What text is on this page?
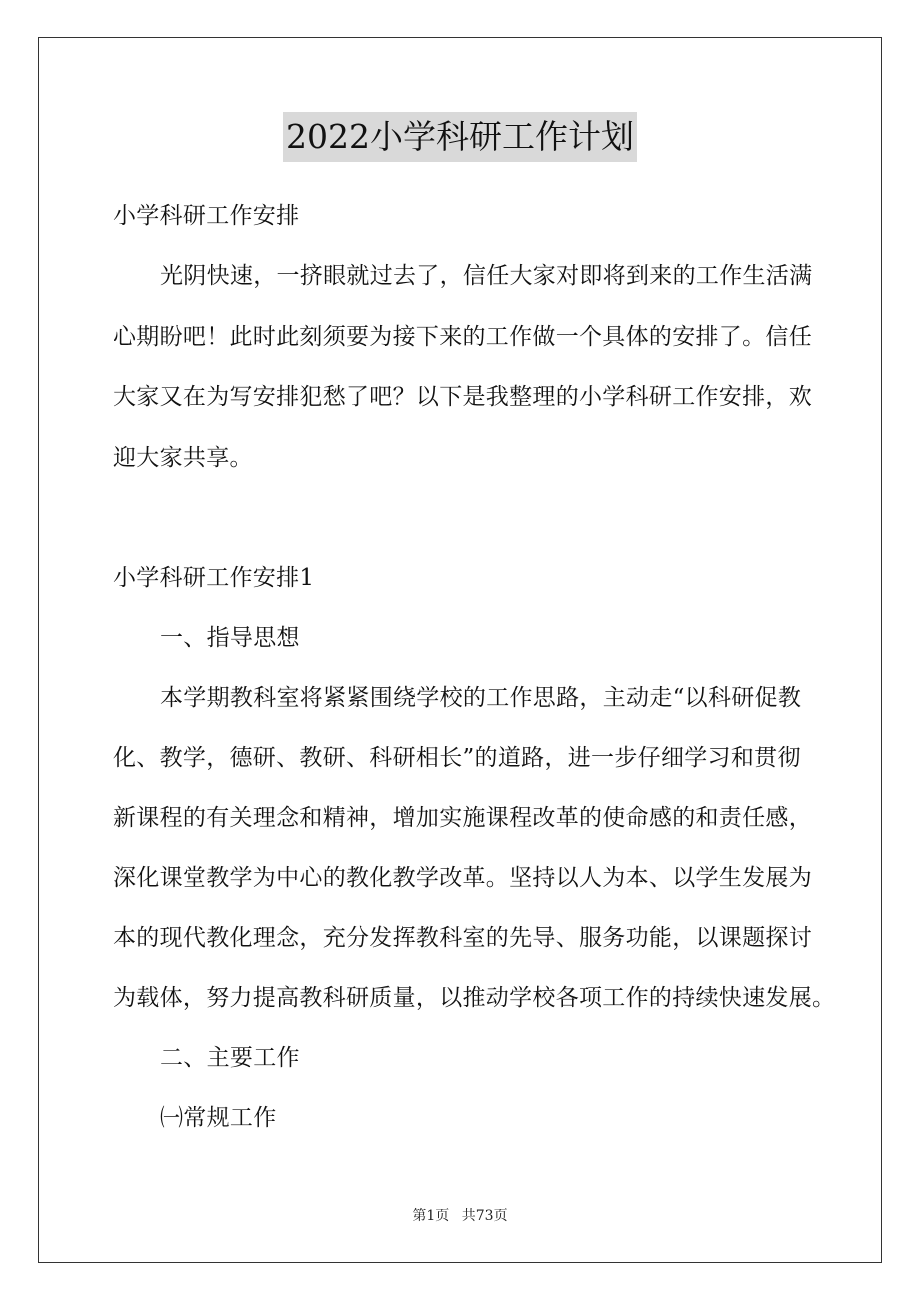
2022小学科研工作计划
小学科研工作安排
光阴快速，一挤眼就过去了，信任大家对即将到来的工作生活满
心期盼吧！此时此刻须要为接下来的工作做一个具体的安排了。信任
大家又在为写安排犯愁了吧？以下是我整理的小学科研工作安排，欢
迎大家共享。
小学科研工作安排1
一、指导思想
本学期教科室将紧紧围绕学校的工作思路，主动走“以科研促教
化、教学，德研、教研、科研相长”的道路，进一步仔细学习和贯彻
新课程的有关理念和精神，增加实施课程改革的使命感的和责任感，
深化课堂教学为中心的教化教学改革。坚持以人为本、以学生发展为
本的现代教化理念，充分发挥教科室的先导、服务功能，以课题探讨
为载体，努力提高教科研质量，以推动学校各项工作的持续快速发展。
二、主要工作
㈠常规工作
第1页 共73页
